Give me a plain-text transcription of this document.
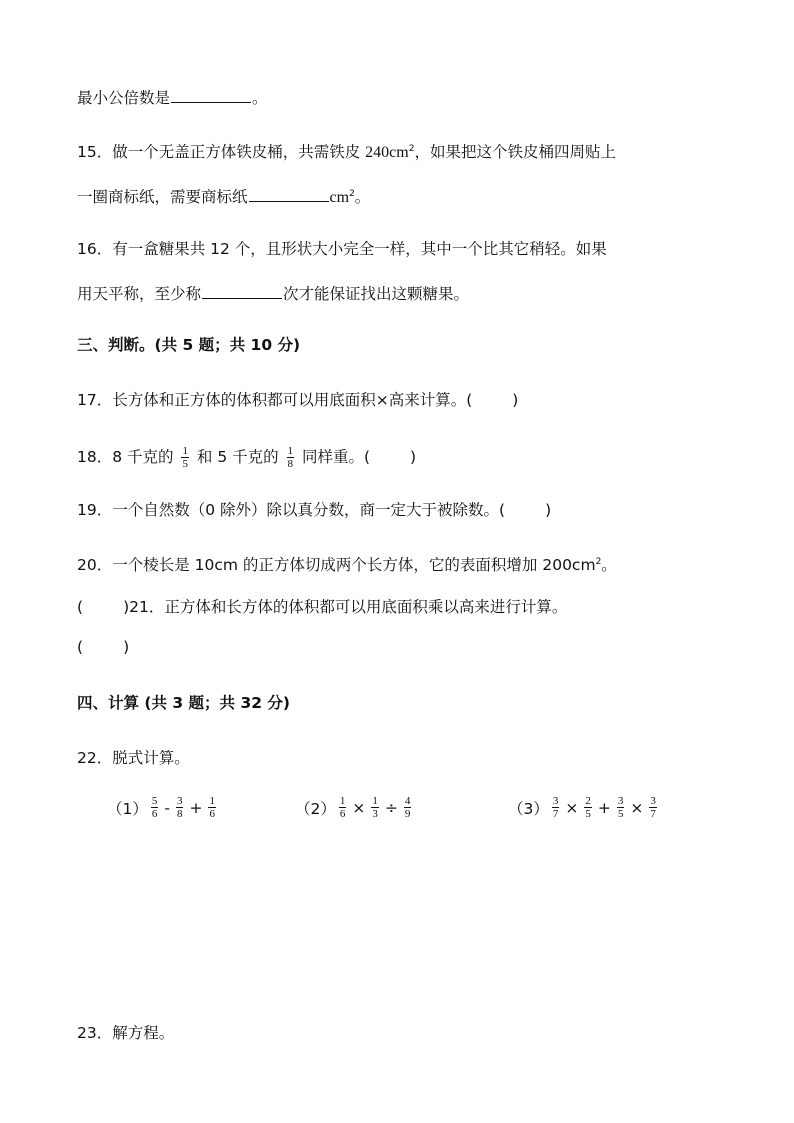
最小公倍数是	。
15．做一个无盖正方体铁皮桶，共需铁皮 $240cm^2$，如果把这个铁皮桶四周贴上
一圈商标纸，需要商标纸	$cm^2$。
16．有一盒糖果共 12 个，且形状大小完全一样，其中一个比其它稍轻。如果
用天平称，至少称	次才能保证找出这颗糖果。
三、判断。(共 5 题；共 10 分)
17．长方体和正方体的体积都可以用底面积×高来计算。(	)
18．8 千克的 $\frac{1}{5}$ 和 5 千克的 $\frac{1}{8}$ 同样重。(	)
19．一个自然数（0 除外）除以真分数，商一定大于被除数。(	)
20．一个棱长是 10cm 的正方体切成两个长方体，它的表面积增加 $200cm^2$。
(	)21．正方体和长方体的体积都可以用底面积乘以高来进行计算。
(	)
四、计算 (共 3 题；共 32 分)
22．脱式计算。
$(1) \frac{5}{6} - \frac{3}{8} + \frac{1}{6}$	$(2) \frac{1}{6} \times \frac{1}{3} \div \frac{4}{9}$	$(3) \frac{3}{7} \times \frac{2}{5} + \frac{3}{5} \times \frac{3}{7}$
23．解方程。
